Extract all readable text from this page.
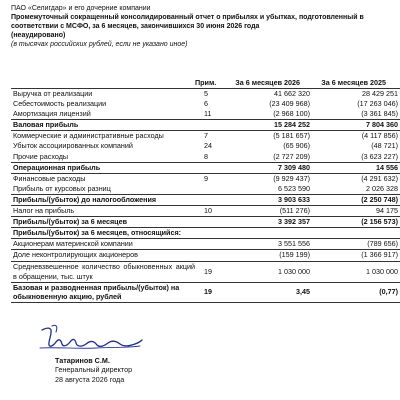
ПАО «Селигдар» и его дочерние компании
Промежуточный сокращенный консолидированный отчет о прибылях и убытках, подготовленный в
соответствии с МСФО, за 6 месяцев, закончившихся 30 июня 2026 года
(неаудировано)
(в тысячах российских рублей, если не указано иное)
Прим.	За 6 месяцев 2026	За 6 месяцев 2025
Выручка от реализации	5	41 662 320	28 429 251
Себестоимость реализации	6	(23 409 968)	(17 263 046)
Амортизация лицензий	11	(2 968 100)	(3 361 845)
Валовая прибыль		15 284 252	7 804 360
Коммерческие и административные расходы	7	(5 181 657)	(4 117 856)
Убыток ассоциированных компаний	24	(65 906)	(48 721)
Прочие расходы	8	(2 727 209)	(3 623 227)
Операционная прибыль		7 309 480	14 556
Финансовые расходы	9	(9 929 437)	(4 291 632)
Прибыль от курсовых разниц		6 523 590	2 026 328
Прибыль/(убыток) до налогообложения		3 903 633	(2 250 748)
Налог на прибыль	10	(511 276)	94 175
Прибыль/(убыток) за 6 месяцев		3 392 357	(2 156 573)
Прибыль/(убыток) за 6 месяцев, относящийся:			
Акционерам материнской компании		3 551 556	(789 656)
Доле неконтролирующих акционеров		(159 199)	(1 366 917)
Средневзвешенное количество обыкновенных акций в обращении, тыс. штук	19	1 030 000	1 030 000
Базовая и разводненная прибыль/(убыток) на обыкновенную акцию, рублей	19	3,45	(0,77)
Татаринов С.М.
Генеральный директор
28 августа 2026 года
